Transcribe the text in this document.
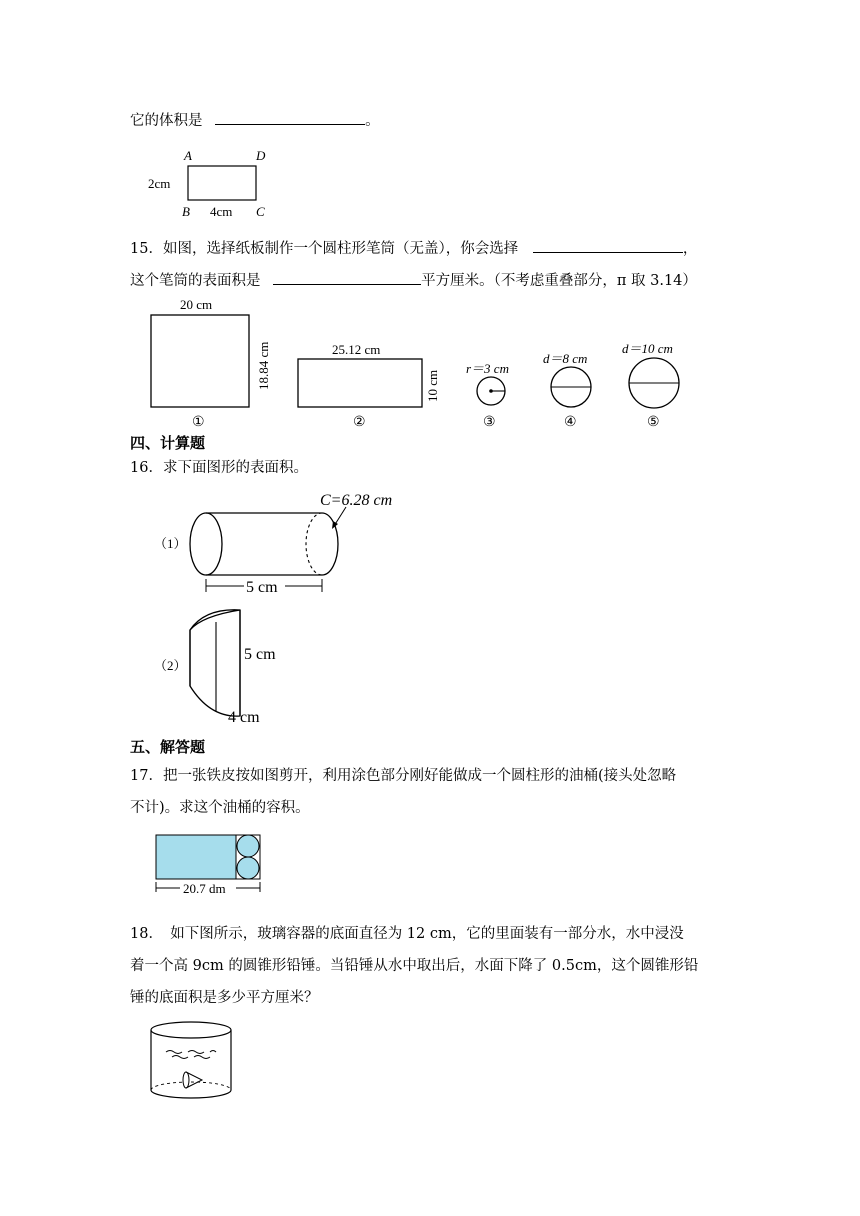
它的体积是	。
A	D
B	C
2cm
4cm
15．如图，选择纸板制作一个圆柱形笔筒（无盖），你会选择	，
这个笔筒的表面积是	平方厘米。（不考虑重叠部分，π 取 3.14）
20 cm
18.84 cm
①
25.12 cm
10 cm
②
r＝3 cm
③
d＝8 cm
④
d＝10 cm
⑤
四、计算题
16．求下面图形的表面积。
（1）
C=6.28 cm
5 cm
（2）
5 cm
4 cm
五、解答题
17．把一张铁皮按如图剪开，利用涂色部分刚好能做成一个圆柱形的油桶(接头处忽略
不计)。求这个油桶的容积。
20.7 dm
18．　如下图所示，玻璃容器的底面直径为 12 cm，它的里面装有一部分水，水中浸没
着一个高 9cm 的圆锥形铅锤。当铅锤从水中取出后，水面下降了 0.5cm，这个圆锥形铅
锤的底面积是多少平方厘米？
